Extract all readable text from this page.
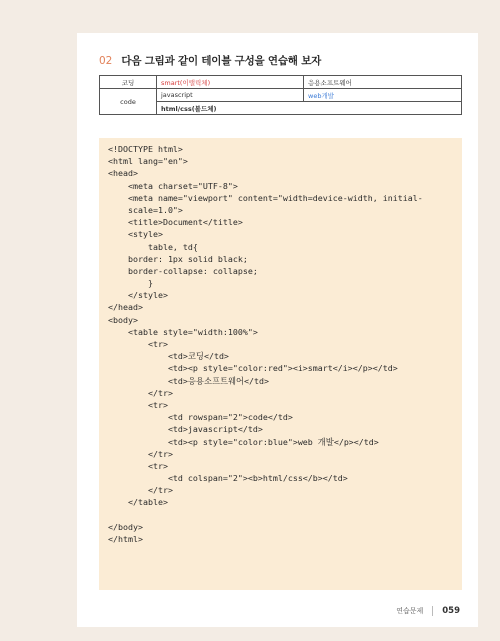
02 다음 그림과 같이 테이블 구성을 연습해 보자
코딩	smart(이탤릭체)	응용소프트웨어
code	javascript	web개발
	html/css(볼드체)	
<!DOCTYPE html>
<html lang="en">
<head>
<meta charset="UTF-8">
<meta name="viewport" content="width=device-width, initial-
scale=1.0">
<title>Document</title>
<style>
table, td{
border: 1px solid black;
border-collapse: collapse;
}
</style>
</head>
<body>
<table style="width:100%">
<tr>
<td>코딩</td>
<td><p style="color:red"><i>smart</i></p></td>
<td>응용소프트웨어</td>
</tr>
<tr>
<td rowspan="2">code</td>
<td>javascript</td>
<td><p style="color:blue">web 개발</p></td>
</tr>
<tr>
<td colspan="2"><b>html/css</b></td>
</tr>
</table>
</body>
</html>
연습문제 059
